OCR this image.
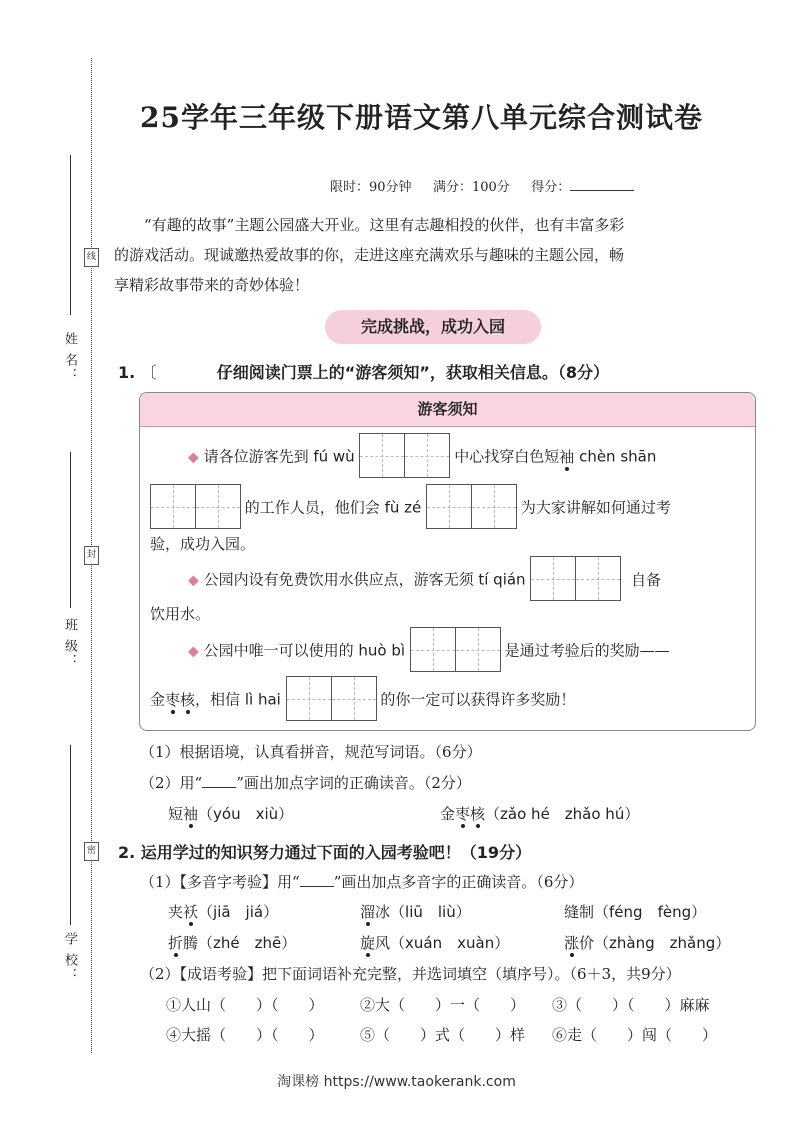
姓 名：
线
班 级：
封
学 校：
密
25学年三年级下册语文第八单元综合测试卷
限时：90分钟 满分：100分 得分：
“有趣的故事”主题公园盛大开业。这里有志趣相投的伙伴，也有丰富多彩
的游戏活动。现诚邀热爱故事的你，走进这座充满欢乐与趣味的主题公园，畅
享精彩故事带来的奇妙体验！
完成挑战，成功入园
1. 〔　　　　〕仔细阅读门票上的“游客须知”，获取相关信息。（8分）
游客须知
◆ 请各位游客先到 fú wù	中心找穿白色短袖 chèn shān
的工作人员，他们会 fù zé	为大家讲解如何通过考
验，成功入园。
◆ 公园内设有免费饮用水供应点，游客无须 tí qián	自备
饮用水。
◆ 公园中唯一可以使用的 huò bì	是通过考验后的奖励——
金枣核，相信 lì hai	的你一定可以获得许多奖励！
（1）根据语境，认真看拼音，规范写词语。（6分）
（2）用“ ”画出加点字词的正确读音。（2分）
短袖（yóu　xiù）	金枣核（zǎo hé　zhǎo hú）
2. 运用学过的知识努力通过下面的入园考验吧！（19分）
（1）【多音字考验】用“ ”画出加点多音字的正确读音。（6分）
夹袄（jiā　jiá）	溜冰（liū　liù）	缝制（féng　fèng）
折腾（zhé　zhē）	旋风（xuán　xuàn）	涨价（zhàng　zhǎng）
（2）【成语考验】把下面词语补充完整，并选词填空（填序号）。（6＋3，共9分）
①人山（　　）（　　） ②大（　　）一（　　） ③（　　）（　　）麻麻
④大摇（　　）（　　） ⑤（　　）式（　　）样 ⑥走（　　）闯（　　）
淘课榜 https://www.taokerank.com
